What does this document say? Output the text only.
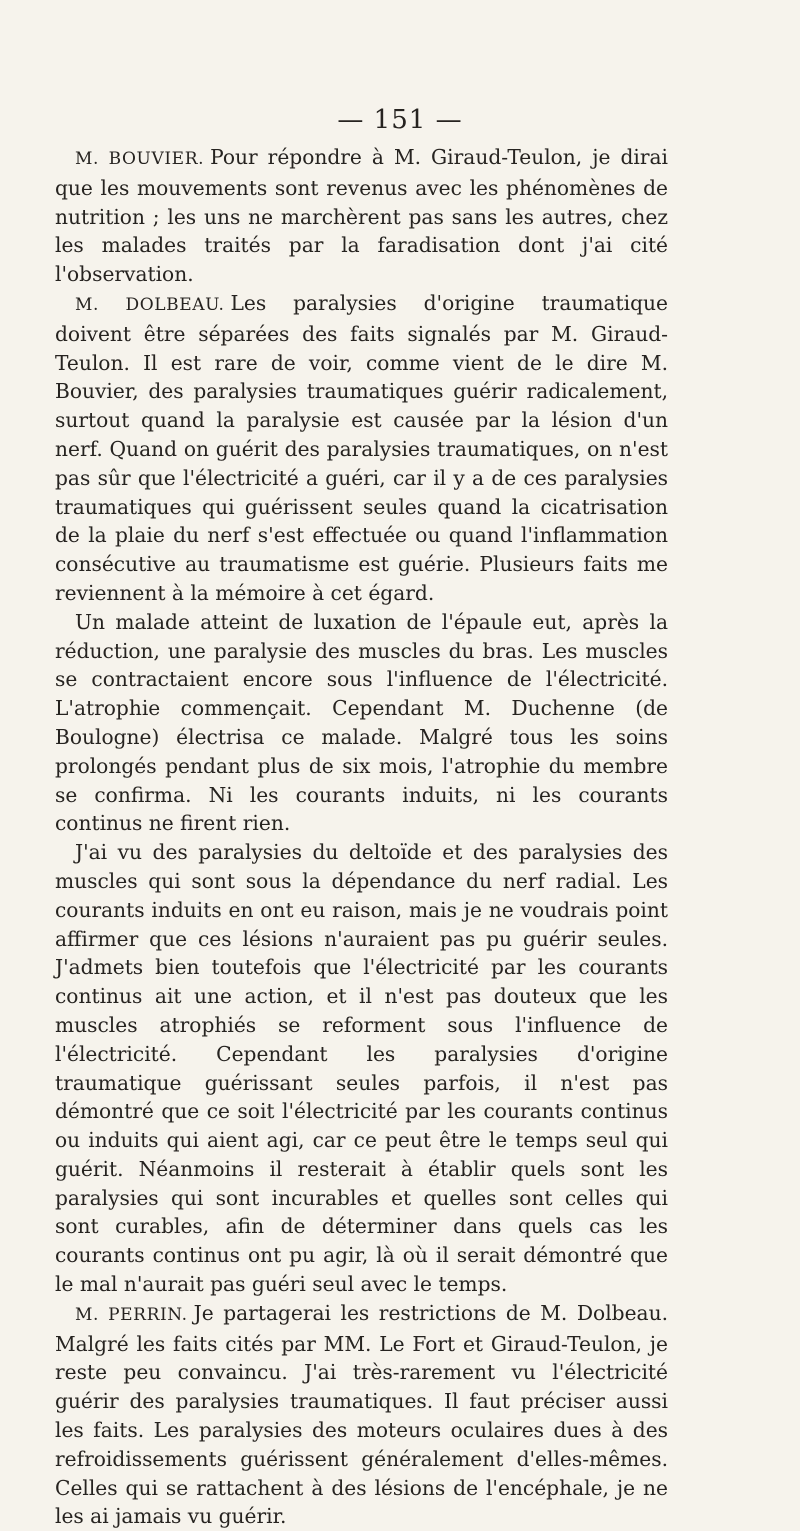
— 151 —

M. BOUVIER. Pour répondre à M. Giraud-Teulon, je dirai que les mouvements sont revenus avec les phénomènes de nutrition ; les uns ne marchèrent pas sans les autres, chez les malades traités par la faradisation dont j'ai cité l'observation.

M. DOLBEAU. Les paralysies d'origine traumatique doivent être séparées des faits signalés par M. Giraud-Teulon. Il est rare de voir, comme vient de le dire M. Bouvier, des paralysies traumatiques guérir radicalement, surtout quand la paralysie est causée par la lésion d'un nerf. Quand on guérit des paralysies traumatiques, on n'est pas sûr que l'électricité a guéri, car il y a de ces paralysies traumatiques qui guérissent seules quand la cicatrisation de la plaie du nerf s'est effectuée ou quand l'inflammation consécutive au traumatisme est guérie. Plusieurs faits me reviennent à la mémoire à cet égard.

Un malade atteint de luxation de l'épaule eut, après la réduction, une paralysie des muscles du bras. Les muscles se contractaient encore sous l'influence de l'électricité. L'atrophie commençait. Cependant M. Duchenne (de Boulogne) électrisa ce malade. Malgré tous les soins prolongés pendant plus de six mois, l'atrophie du membre se confirma. Ni les courants induits, ni les courants continus ne firent rien.

J'ai vu des paralysies du deltoïde et des paralysies des muscles qui sont sous la dépendance du nerf radial. Les courants induits en ont eu raison, mais je ne voudrais point affirmer que ces lésions n'auraient pas pu guérir seules. J'admets bien toutefois que l'électricité par les courants continus ait une action, et il n'est pas douteux que les muscles atrophiés se reforment sous l'influence de l'électricité. Cependant les paralysies d'origine traumatique guérissant seules parfois, il n'est pas démontré que ce soit l'électricité par les courants continus ou induits qui aient agi, car ce peut être le temps seul qui guérit. Néanmoins il resterait à établir quels sont les paralysies qui sont incurables et quelles sont celles qui sont curables, afin de déterminer dans quels cas les courants continus ont pu agir, là où il serait démontré que le mal n'aurait pas guéri seul avec le temps.

M. PERRIN. Je partagerai les restrictions de M. Dolbeau. Malgré les faits cités par MM. Le Fort et Giraud-Teulon, je reste peu convaincu. J'ai très-rarement vu l'électricité guérir des paralysies traumatiques. Il faut préciser aussi les faits. Les paralysies des moteurs oculaires dues à des refroidissements guérissent généralement d'elles-mêmes. Celles qui se rattachent à des lésions de l'encéphale, je ne les ai jamais vu guérir.
